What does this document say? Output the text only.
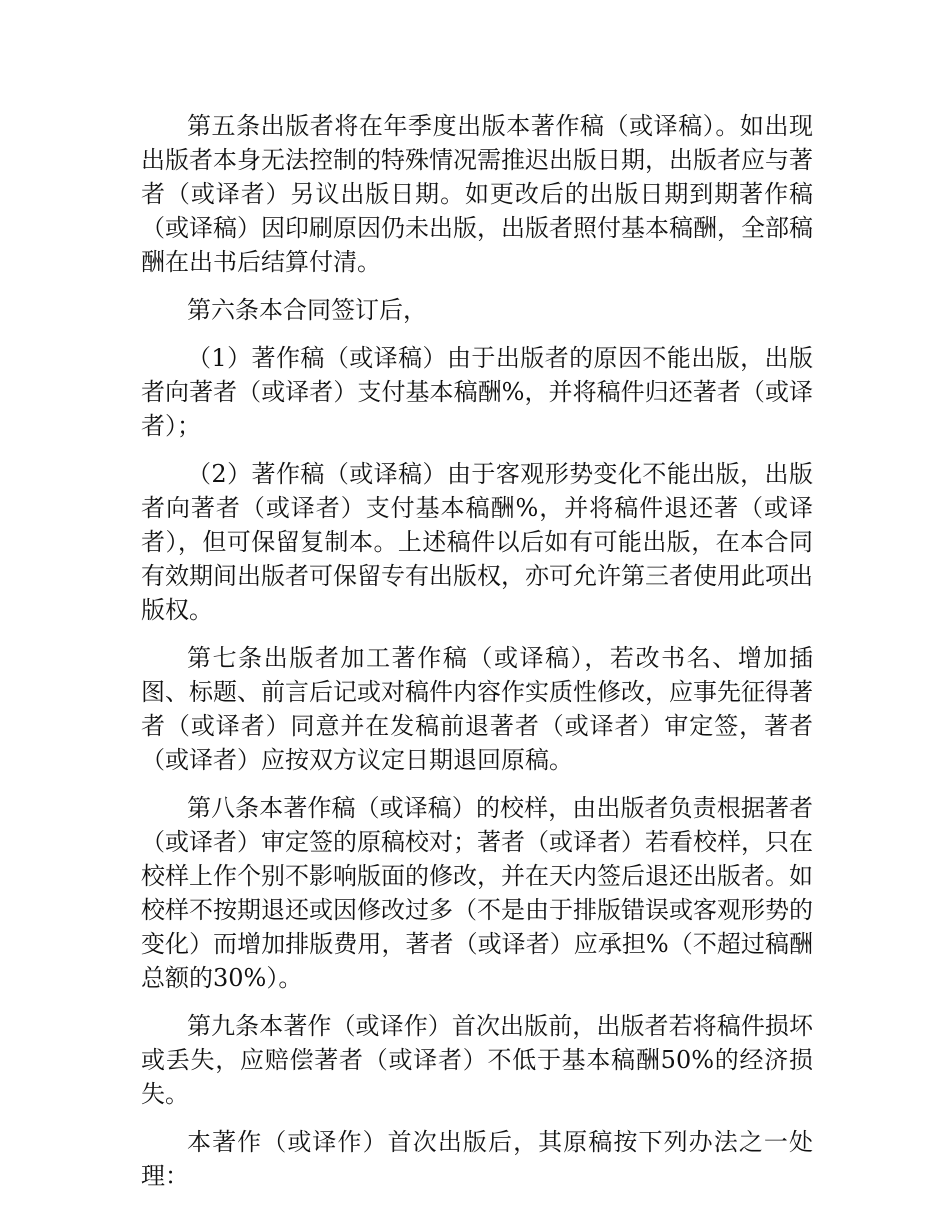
第五条出版者将在年季度出版本著作稿（或译稿）。如出现出版者本身无法控制的特殊情况需推迟出版日期，出版者应与著者（或译者）另议出版日期。如更改后的出版日期到期著作稿（或译稿）因印刷原因仍未出版，出版者照付基本稿酬，全部稿酬在出书后结算付清。

第六条本合同签订后，

（1）著作稿（或译稿）由于出版者的原因不能出版，出版者向著者（或译者）支付基本稿酬%，并将稿件归还著者（或译者）；

（2）著作稿（或译稿）由于客观形势变化不能出版，出版者向著者（或译者）支付基本稿酬%，并将稿件退还著（或译者），但可保留复制本。上述稿件以后如有可能出版，在本合同有效期间出版者可保留专有出版权，亦可允许第三者使用此项出版权。

第七条出版者加工著作稿（或译稿），若改书名、增加插图、标题、前言后记或对稿件内容作实质性修改，应事先征得著者（或译者）同意并在发稿前退著者（或译者）审定签，著者（或译者）应按双方议定日期退回原稿。

第八条本著作稿（或译稿）的校样，由出版者负责根据著者（或译者）审定签的原稿校对；著者（或译者）若看校样，只在校样上作个别不影响版面的修改，并在天内签后退还出版者。如校样不按期退还或因修改过多（不是由于排版错误或客观形势的变化）而增加排版费用，著者（或译者）应承担%（不超过稿酬总额的30%）。

第九条本著作（或译作）首次出版前，出版者若将稿件损坏或丢失，应赔偿著者（或译者）不低于基本稿酬50%的经济损失。

本著作（或译作）首次出版后，其原稿按下列办法之一处理：
